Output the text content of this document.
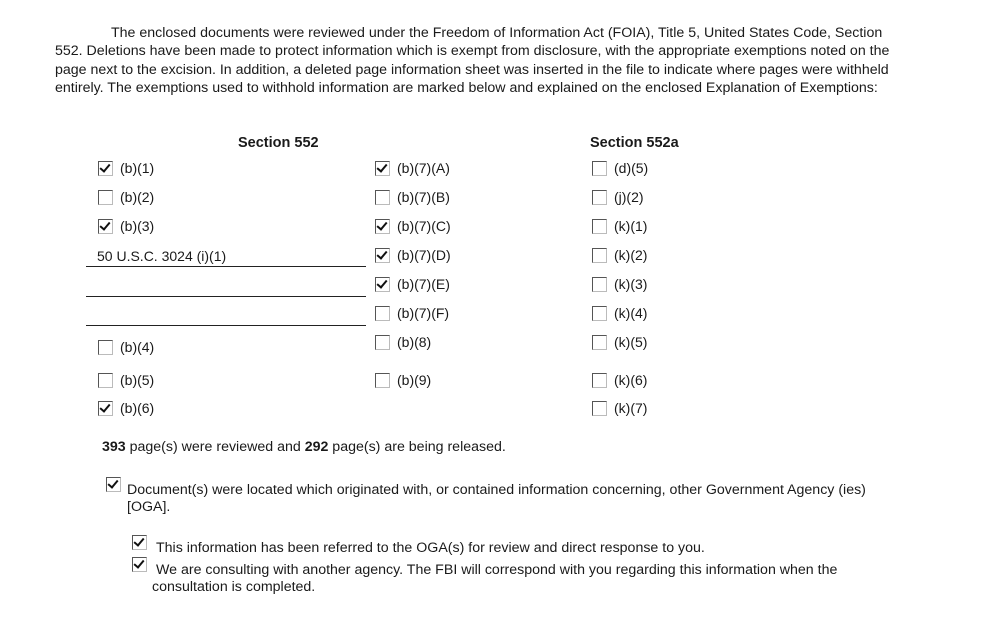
The enclosed documents were reviewed under the Freedom of Information Act (FOIA), Title 5, United States Code, Section 552. Deletions have been made to protect information which is exempt from disclosure, with the appropriate exemptions noted on the page next to the excision. In addition, a deleted page information sheet was inserted in the file to indicate where pages were withheld entirely. The exemptions used to withhold information are marked below and explained on the enclosed Explanation of Exemptions:

Section 552	Section 552a
(b)(1)
(b)(2)
(b)(3)
50 U.S.C. 3024 (i)(1)
(b)(4)
(b)(5)
(b)(6)
(b)(7)(A)
(b)(7)(B)
(b)(7)(C)
(b)(7)(D)
(b)(7)(E)
(b)(7)(F)
(b)(8)
(b)(9)
(d)(5)
(j)(2)
(k)(1)
(k)(2)
(k)(3)
(k)(4)
(k)(5)
(k)(6)
(k)(7)
393 page(s) were reviewed and 292 page(s) are being released.
Document(s) were located which originated with, or contained information concerning, other Government Agency (ies) [OGA].
This information has been referred to the OGA(s) for review and direct response to you.
We are consulting with another agency. The FBI will correspond with you regarding this information when the consultation is completed.
